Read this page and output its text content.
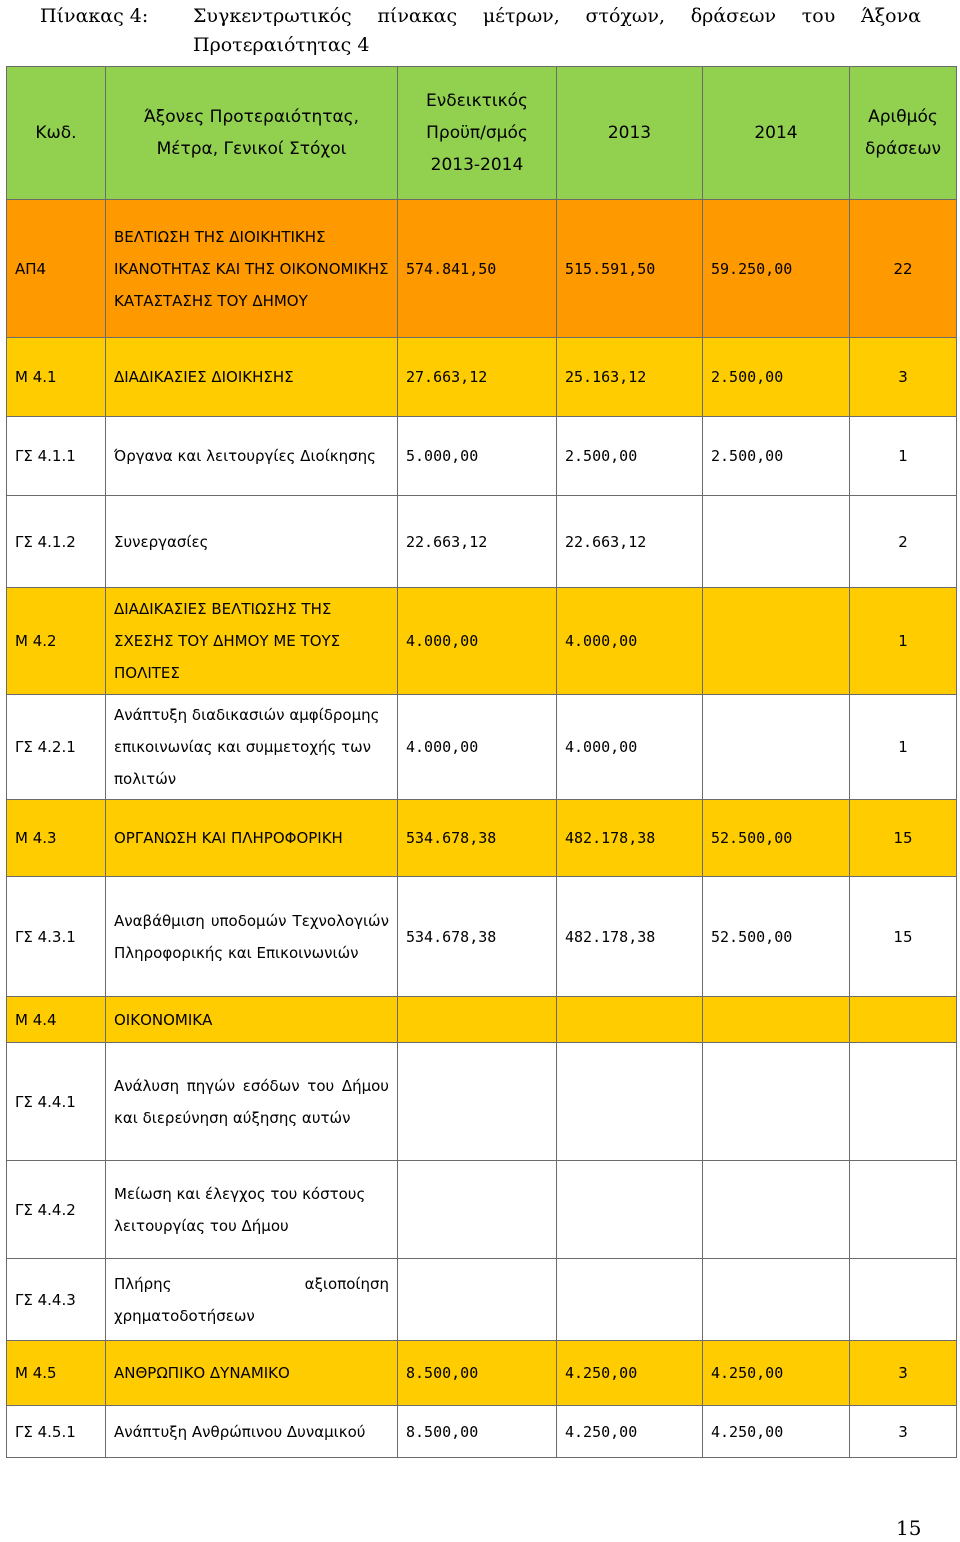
Πίνακας 4:	Συγκεντρωτικός πίνακας μέτρων, στόχων, δράσεων του Άξονα
Προτεραιότητας 4
Κωδ.	Άξονες Προτεραιότητας, Μέτρα, Γενικοί Στόχοι	Ενδεικτικός Προϋπ/σμός 2013-2014	2013	2014	Αριθμός δράσεων
ΑΠ4	ΒΕΛΤΙΩΣΗ ΤΗΣ ΔΙΟΙΚΗΤΙΚΗΣ ΙΚΑΝΟΤΗΤΑΣ ΚΑΙ ΤΗΣ ΟΙΚΟΝΟΜΙΚΗΣ ΚΑΤΑΣΤΑΣΗΣ ΤΟΥ ΔΗΜΟΥ	574.841,50	515.591,50	59.250,00	22
Μ 4.1	ΔΙΑΔΙΚΑΣΙΕΣ ΔΙΟΙΚΗΣΗΣ	27.663,12	25.163,12	2.500,00	3
ΓΣ 4.1.1	Όργανα και λειτουργίες Διοίκησης	5.000,00	2.500,00	2.500,00	1
ΓΣ 4.1.2	Συνεργασίες	22.663,12	22.663,12		2
Μ 4.2	ΔΙΑΔΙΚΑΣΙΕΣ ΒΕΛΤΙΩΣΗΣ ΤΗΣ ΣΧΕΣΗΣ ΤΟΥ ΔΗΜΟΥ ΜΕ ΤΟΥΣ ΠΟΛΙΤΕΣ	4.000,00	4.000,00		1
ΓΣ 4.2.1	Ανάπτυξη διαδικασιών αμφίδρομης επικοινωνίας και συμμετοχής των πολιτών	4.000,00	4.000,00		1
Μ 4.3	ΟΡΓΑΝΩΣΗ ΚΑΙ ΠΛΗΡΟΦΟΡΙΚΗ	534.678,38	482.178,38	52.500,00	15
ΓΣ 4.3.1	Αναβάθμιση υποδομών Τεχνολογιών Πληροφορικής και Επικοινωνιών	534.678,38	482.178,38	52.500,00	15
Μ 4.4	ΟΙΚΟΝΟΜΙΚΑ				
ΓΣ 4.4.1	Ανάλυση πηγών εσόδων του Δήμου και διερεύνηση αύξησης αυτών				
ΓΣ 4.4.2	Μείωση και έλεγχος του κόστους λειτουργίας του Δήμου				
ΓΣ 4.4.3	Πλήρης αξιοποίηση χρηματοδοτήσεων				
Μ 4.5	ΑΝΘΡΩΠΙΚΟ ΔΥΝΑΜΙΚΟ	8.500,00	4.250,00	4.250,00	3
ΓΣ 4.5.1	Ανάπτυξη Ανθρώπινου Δυναμικού	8.500,00	4.250,00	4.250,00	3
15
